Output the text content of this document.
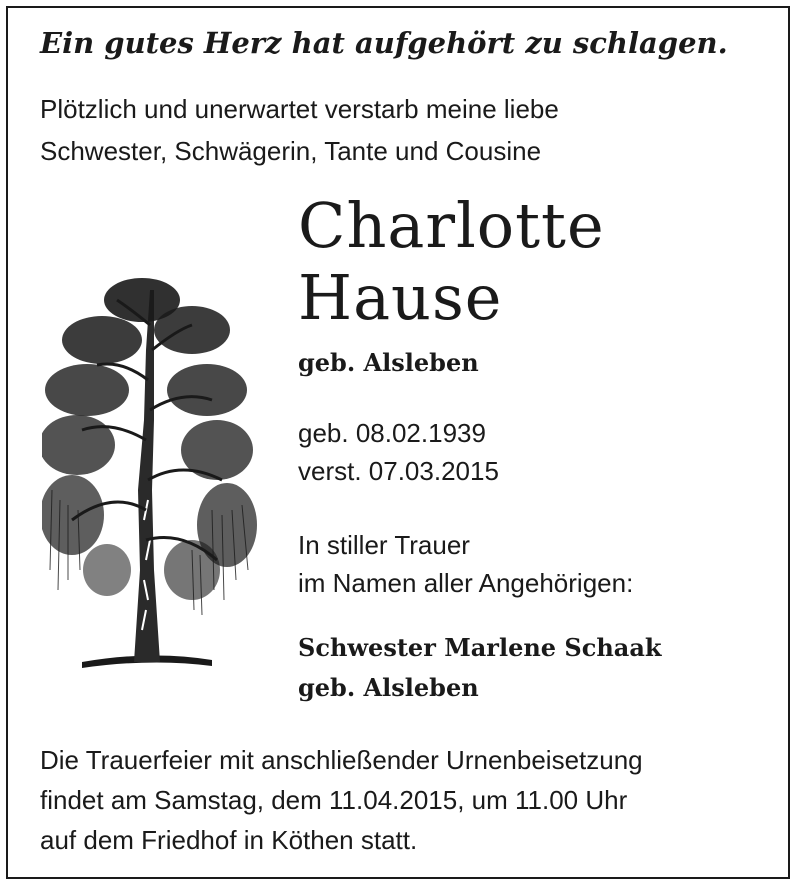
Ein gutes Herz hat aufgehört zu schlagen.
Plötzlich und unerwartet verstarb meine liebe
Schwester, Schwägerin, Tante und Cousine
Charlotte
Hause
geb. Alsleben
geb. 08.02.1939
verst. 07.03.2015
In stiller Trauer
im Namen aller Angehörigen:
Schwester Marlene Schaak
geb. Alsleben
Die Trauerfeier mit anschließender Urnenbeisetzung
findet am Samstag, dem 11.04.2015, um 11.00 Uhr
auf dem Friedhof in Köthen statt.
